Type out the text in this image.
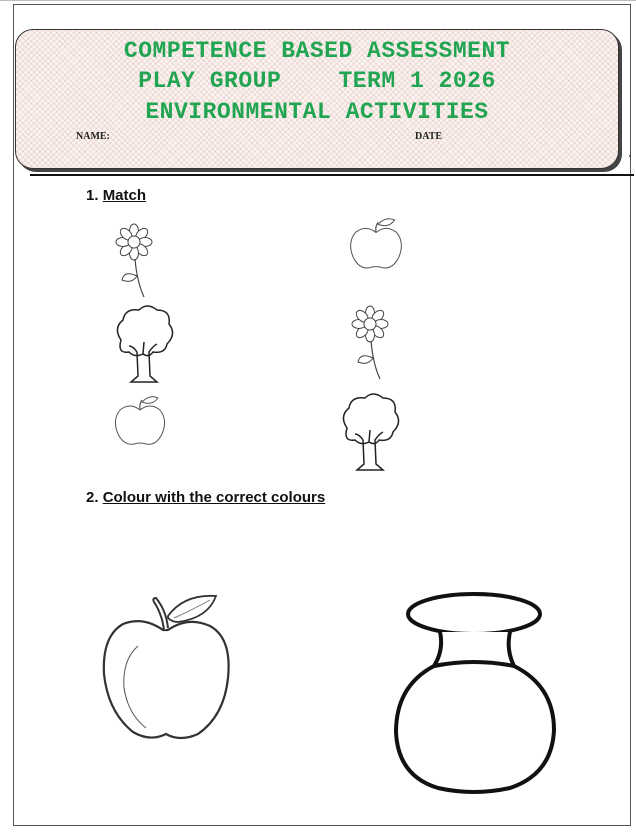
COMPETENCE BASED ASSESSMENT
PLAY GROUP    TERM 1 2026
ENVIRONMENTAL ACTIVITIES
NAME:	DATE
1. Match
2. Colour with the correct colours
